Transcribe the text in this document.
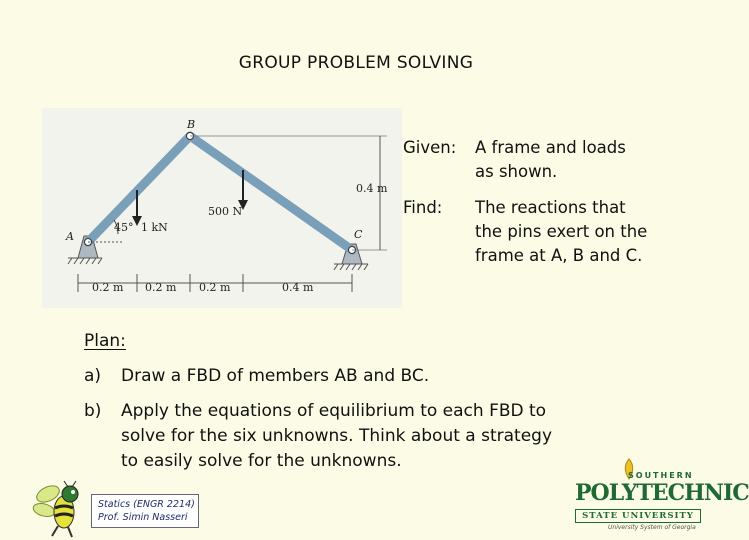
GROUP PROBLEM SOLVING
B
A	C
45° 1 kN
500 N
0.4 m
0.2 m 0.2 m 0.2 m	0.4 m
Given: A frame and loads
as shown.
Find: The reactions that
the pins exert on the
frame at A, B and C.
Plan:
a) Draw a FBD of members AB and BC.
b) Apply the equations of equilibrium to each FBD to
solve for the six unknowns. Think about a strategy
to easily solve for the unknowns.
Statics (ENGR 2214)
Prof. Simin Nasseri
SOUTHERN
POLYTECHNIC
STATE UNIVERSITY
University System of Georgia
